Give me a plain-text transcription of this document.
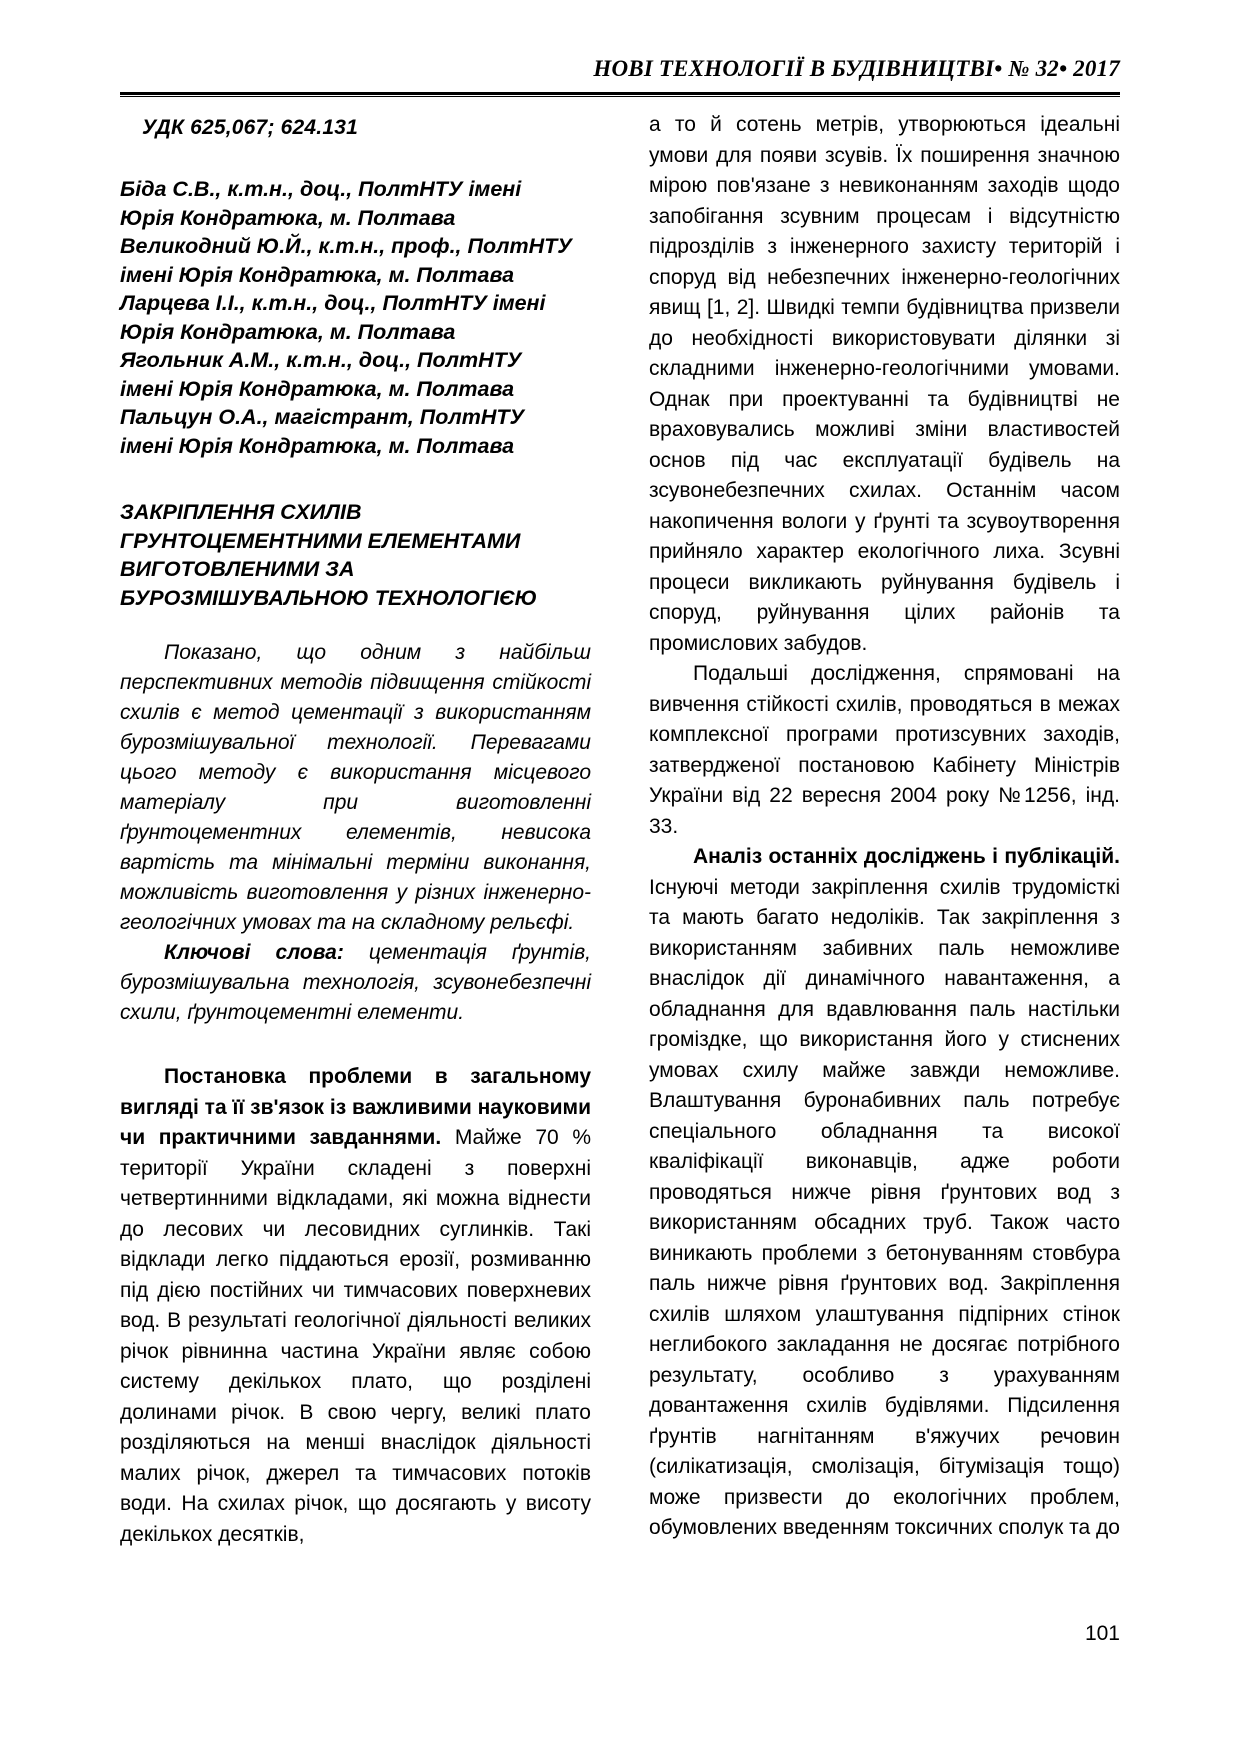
НОВІ ТЕХНОЛОГІЇ В БУДІВНИЦТВІ• № 32• 2017
УДК 625,067; 624.131
Біда С.В., к.т.н., доц., ПолтНТУ імені
Юрія Кондратюка, м. Полтава
Великодний Ю.Й., к.т.н., проф., ПолтНТУ
імені Юрія Кондратюка, м. Полтава
Ларцева І.І., к.т.н., доц., ПолтНТУ імені
Юрія Кондратюка, м. Полтава
Ягольник А.М., к.т.н., доц., ПолтНТУ
імені Юрія Кондратюка, м. Полтава
Пальцун О.А., магістрант, ПолтНТУ
імені Юрія Кондратюка, м. Полтава
ЗАКРІПЛЕННЯ СХИЛІВ
ГРУНТОЦЕМЕНТНИМИ ЕЛЕМЕНТАМИ
ВИГОТОВЛЕНИМИ ЗА
БУРОЗМІШУВАЛЬНОЮ ТЕХНОЛОГІЄЮ

Показано, що одним з найбільш перспективних методів підвищення стійкості схилів є метод цементації з використанням бурозмішувальної технології. Перевагами цього методу є використання місцевого матеріалу при виготовленні ґрунтоцементних елементів, невисока вартість та мінімальні терміни виконання, можливість виготовлення у різних інженерно-геологічних умовах та на складному рельєфі.

Ключові слова: цементація ґрунтів, бурозмішувальна технологія, зсувонебезпечні схили, ґрунтоцементні елементи.

Постановка проблеми в загальному вигляді та її зв'язок із важливими науковими чи практичними завданнями. Майже 70 % території України складені з поверхні четвертинними відкладами, які можна віднести до лесових чи лесовидних суглинків. Такі відклади легко піддаються ерозії, розмиванню під дією постійних чи тимчасових поверхневих вод. В результаті геологічної діяльності великих річок рівнинна частина України являє собою систему декількох плато, що розділені долинами річок. В свою чергу, великі плато розділяються на менші внаслідок діяльності малих річок, джерел та тимчасових потоків води. На схилах річок, що досягають у висоту декількох десятків,

а то й сотень метрів, утворюються ідеальні умови для появи зсувів. Їх поширення значною мірою пов'язане з невиконанням заходів щодо запобігання зсувним процесам і відсутністю підрозділів з інженерного захисту територій і споруд від небезпечних інженерно-геологічних явищ [1, 2]. Швидкі темпи будівництва призвели до необхідності використовувати ділянки зі складними інженерно-геологічними умовами. Однак при проектуванні та будівництві не враховувались можливі зміни властивостей основ під час експлуатації будівель на зсувонебезпечних схилах. Останнім часом накопичення вологи у ґрунті та зсувоутворення прийняло характер екологічного лиха. Зсувні процеси викликають руйнування будівель і споруд, руйнування цілих районів та промислових забудов.

Подальші дослідження, спрямовані на вивчення стійкості схилів, проводяться в межах комплексної програми протизсувних заходів, затвердженої постановою Кабінету Міністрів України від 22 вересня 2004 року №1256, інд. 33.

Аналіз останніх досліджень і публікацій. Існуючі методи закріплення схилів трудомісткі та мають багато недоліків. Так закріплення з використанням забивних паль неможливе внаслідок дії динамічного навантаження, а обладнання для вдавлювання паль настільки громіздке, що використання його у стиснених умовах схилу майже завжди неможливе. Влаштування буронабивних паль потребує спеціального обладнання та високої кваліфікації виконавців, адже роботи проводяться нижче рівня ґрунтових вод з використанням обсадних труб. Також часто виникають проблеми з бетонуванням стовбура паль нижче рівня ґрунтових вод. Закріплення схилів шляхом улаштування підпірних стінок неглибокого закладання не досягає потрібного результату, особливо з урахуванням довантаження схилів будівлями. Підсилення ґрунтів нагнітанням в'яжучих речовин (силікатизація, смолізація, бітумізація тощо) може призвести до екологічних проблем, обумовлених введенням токсичних сполук та до

101
